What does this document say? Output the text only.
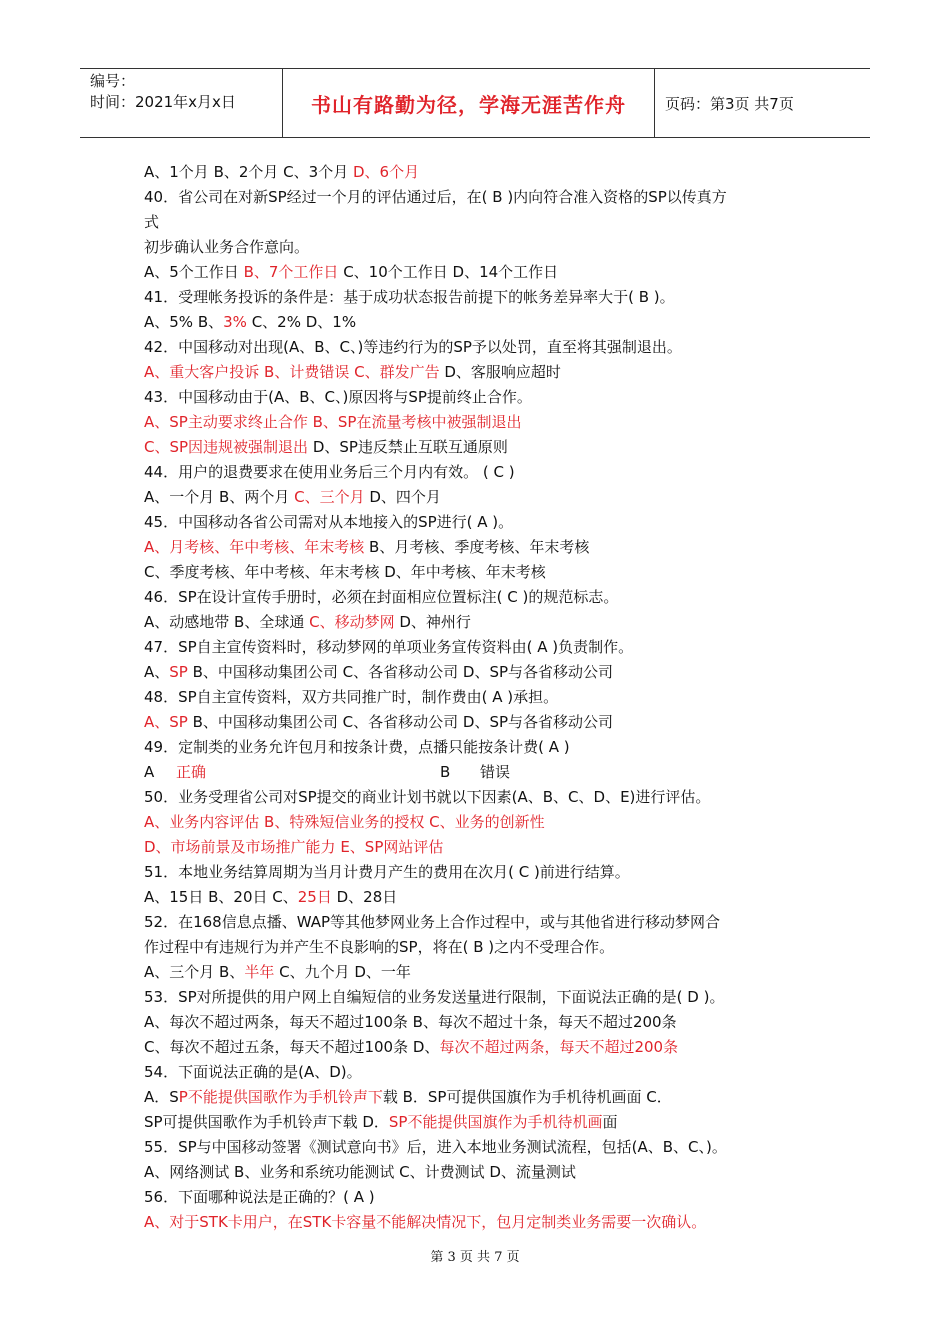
编号：
时间：2021年x月x日	书山有路勤为径，学海无涯苦作舟	页码：第3页 共7页
A、1个月 B、2个月 C、3个月 D、6个月
40．省公司在对新SP经过一个月的评估通过后，在( B )内向符合准入资格的SP以传真方
式
初步确认业务合作意向。
A、5个工作日 B、7个工作日 C、10个工作日 D、14个工作日
41．受理帐务投诉的条件是：基于成功状态报告前提下的帐务差异率大于( B )。
A、5% B、3% C、2% D、1%
42．中国移动对出现(A、B、C、)等违约行为的SP予以处罚，直至将其强制退出。
A、重大客户投诉 B、计费错误 C、群发广告 D、客服响应超时
43．中国移动由于(A、B、C、)原因将与SP提前终止合作。
A、SP主动要求终止合作 B、SP在流量考核中被强制退出
C、SP因违规被强制退出 D、SP违反禁止互联互通原则
44．用户的退费要求在使用业务后三个月内有效。 ( C )
A、一个月 B、两个月 C、三个月 D、四个月
45．中国移动各省公司需对从本地接入的SP进行( A )。
A、月考核、年中考核、年末考核 B、月考核、季度考核、年末考核
C、季度考核、年中考核、年末考核 D、年中考核、年末考核
46．SP在设计宣传手册时，必须在封面相应位置标注( C )的规范标志。
A、动感地带 B、全球通 C、移动梦网 D、神州行
47．SP自主宣传资料时，移动梦网的单项业务宣传资料由( A )负责制作。
A、SP B、中国移动集团公司 C、各省移动公司 D、SP与各省移动公司
48．SP自主宣传资料，双方共同推广时，制作费由( A )承担。
A、SP B、中国移动集团公司 C、各省移动公司 D、SP与各省移动公司
49．定制类的业务允许包月和按条计费，点播只能按条计费( A )
A 正确	B 错误
50．业务受理省公司对SP提交的商业计划书就以下因素(A、B、C、D、E)进行评估。
A、业务内容评估 B、特殊短信业务的授权 C、业务的创新性
D、市场前景及市场推广能力 E、SP网站评估
51．本地业务结算周期为当月计费月产生的费用在次月( C )前进行结算。
A、15日 B、20日 C、25日 D、28日
52．在168信息点播、WAP等其他梦网业务上合作过程中，或与其他省进行移动梦网合
作过程中有违规行为并产生不良影响的SP，将在( B )之内不受理合作。
A、三个月 B、半年 C、九个月 D、一年
53．SP对所提供的用户网上自编短信的业务发送量进行限制，下面说法正确的是( D )。
A、每次不超过两条，每天不超过100条 B、每次不超过十条，每天不超过200条
C、每次不超过五条，每天不超过100条 D、每次不超过两条，每天不超过200条
54．下面说法正确的是(A、D)。
A．SP不能提供国歌作为手机铃声下载 B．SP可提供国旗作为手机待机画面 C．
SP可提供国歌作为手机铃声下载 D．SP不能提供国旗作为手机待机画面
55．SP与中国移动签署《测试意向书》后，进入本地业务测试流程，包括(A、B、C、)。
A、网络测试 B、业务和系统功能测试 C、计费测试 D、流量测试
56．下面哪种说法是正确的？( A )
A、对于STK卡用户，在STK卡容量不能解决情况下，包月定制类业务需要一次确认。
第 3 页 共 7 页
